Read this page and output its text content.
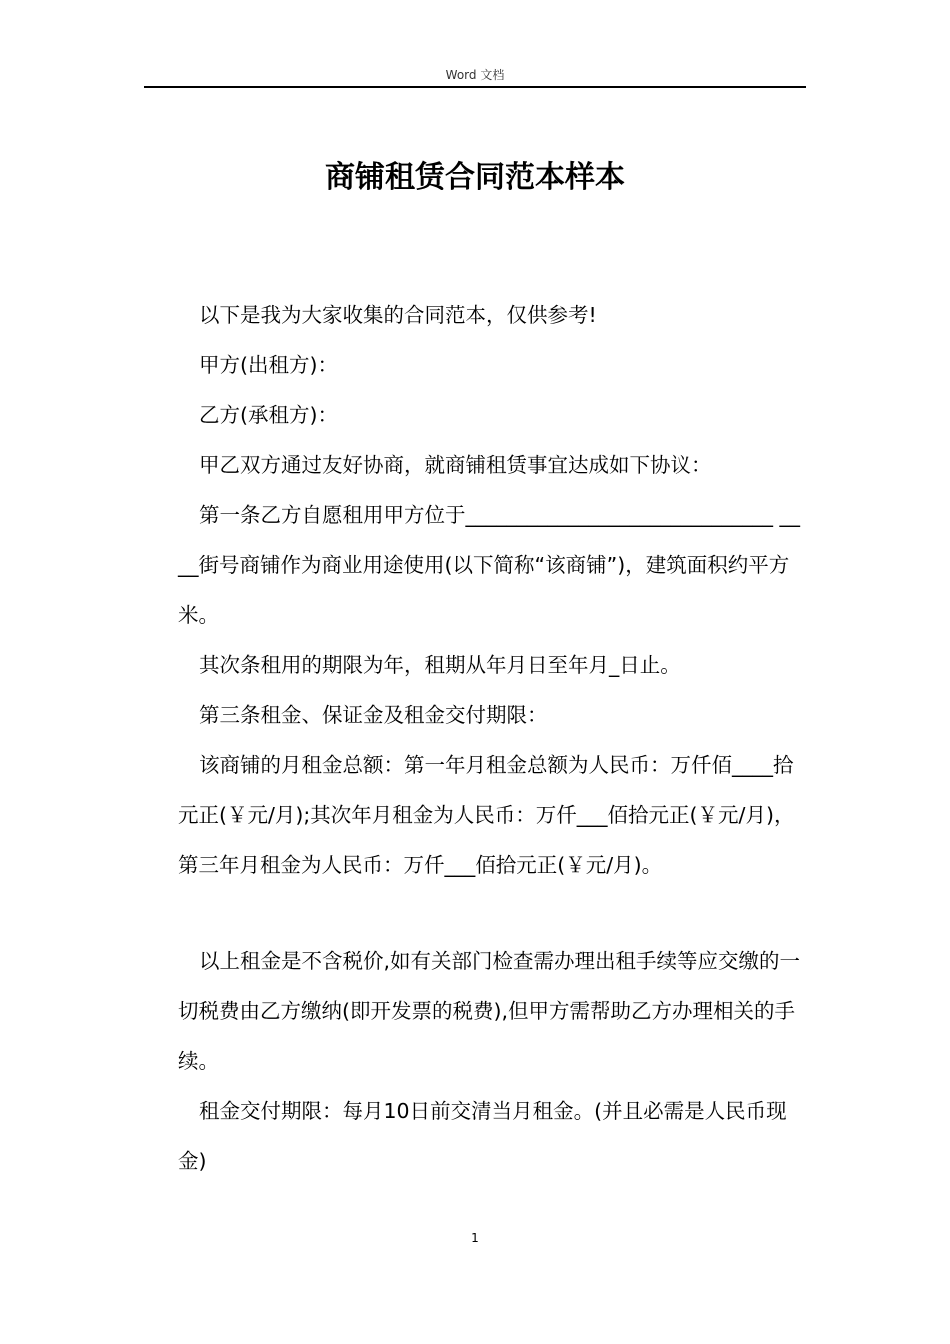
Word 文档
商铺租赁合同范本样本

以下是我为大家收集的合同范本，仅供参考!

甲方(出租方)：

乙方(承租方)：

甲乙双方通过友好协商，就商铺租赁事宜达成如下协议：

第一条乙方自愿租用甲方位于______________________________ ____街号商铺作为商业用途使用(以下简称“该商铺”)，建筑面积约平方米。

其次条租用的期限为年，租期从年月日至年月_日止。

第三条租金、保证金及租金交付期限：

该商铺的月租金总额：第一年月租金总额为人民币：万仟佰____拾元正(￥元/月);其次年月租金为人民币：万仟___佰拾元正(￥元/月)，第三年月租金为人民币：万仟___佰拾元正(￥元/月)。

以上租金是不含税价,如有关部门检查需办理出租手续等应交缴的一切税费由乙方缴纳(即开发票的税费),但甲方需帮助乙方办理相关的手续。

租金交付期限：每月10日前交清当月租金。(并且必需是人民币现金)

1
